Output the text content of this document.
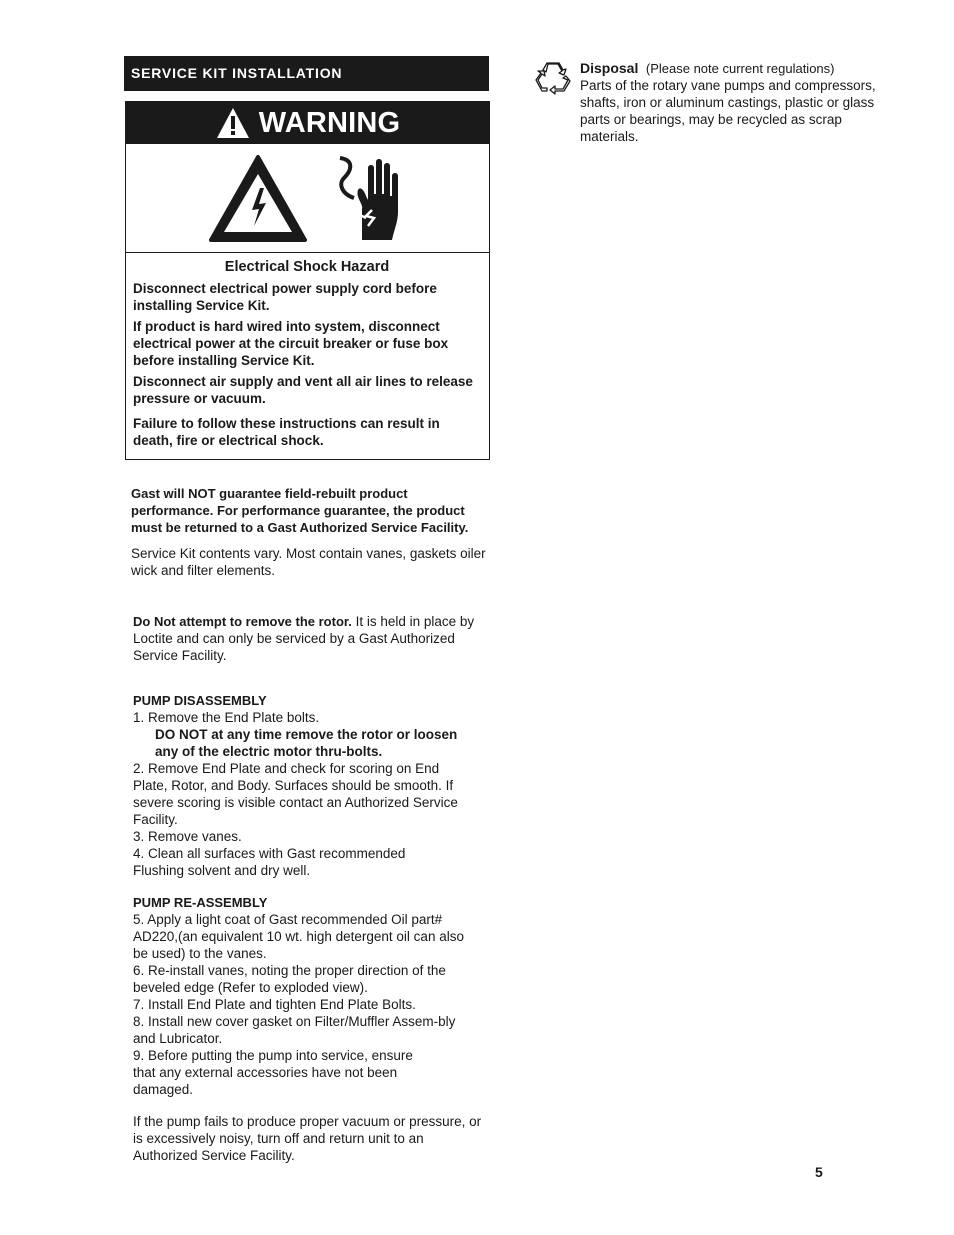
SERVICE KIT INSTALLATION
WARNING

Electrical Shock Hazard

Disconnect electrical power supply cord before installing Service Kit.

If product is hard wired into system, disconnect electrical power at the circuit breaker or fuse box before installing Service Kit.

Disconnect air supply and vent all air lines to release pressure or vacuum.

Failure to follow these instructions can result in death, fire or electrical shock.

Gast will NOT guarantee field-rebuilt product performance. For performance guarantee, the product must be returned to a Gast Authorized Service Facility.

Service Kit contents vary. Most contain vanes, gaskets oiler wick and filter elements.

Do Not attempt to remove the rotor. It is held in place by Loctite and can only be serviced by a Gast Authorized Service Facility.

PUMP DISASSEMBLY
1. Remove the End Plate bolts.
DO NOT at any time remove the rotor or loosen any of the electric motor thru-bolts.
2. Remove End Plate and check for scoring on End Plate, Rotor, and Body. Surfaces should be smooth. If severe scoring is visible contact an Authorized Service Facility.
3. Remove vanes.
4. Clean all surfaces with Gast recommended Flushing solvent and dry well.
PUMP RE-ASSEMBLY
5. Apply a light coat of Gast recommended Oil part# AD220,(an equivalent 10 wt. high detergent oil can also be used) to the vanes.
6. Re-install vanes, noting the proper direction of the beveled edge (Refer to exploded view).
7. Install End Plate and tighten End Plate Bolts.
8. Install new cover gasket on Filter/Muffler Assem-bly and Lubricator.
9. Before putting the pump into service, ensure that any external accessories have not been damaged.

If the pump fails to produce proper vacuum or pressure, or is excessively noisy, turn off and return unit to an Authorized Service Facility.

Disposal (Please note current regulations)
Parts of the rotary vane pumps and compressors, shafts, iron or aluminum castings, plastic or glass parts or bearings, may be recycled as scrap materials.

5
